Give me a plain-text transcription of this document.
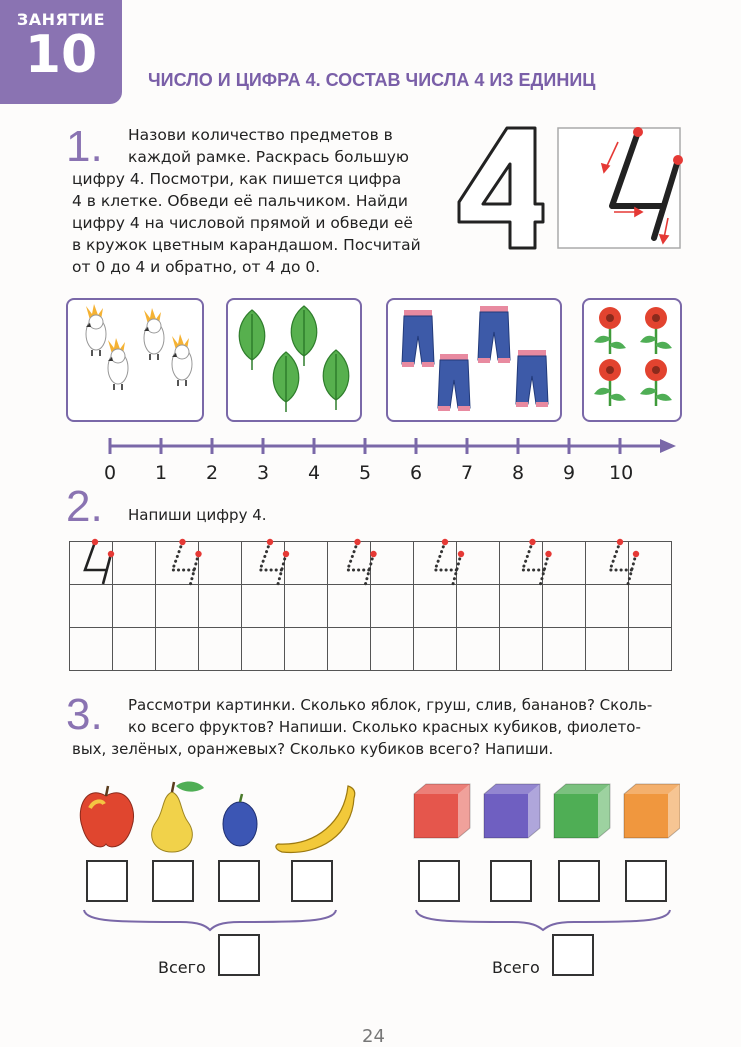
ЗАНЯТИЕ
10	ЧИСЛО И ЦИФРА 4. СОСТАВ ЧИСЛА 4 ИЗ ЕДИНИЦ
1. Назови количество предметов в
каждой рамке. Раскрась большую
цифру 4. Посмотри, как пишется цифра
4 в клетке. Обведи её пальчиком. Найди
цифру 4 на числовой прямой и обведи её
в кружок цветным карандашом. Посчитай
от 0 до 4 и обратно, от 4 до 0.
0 1 2 3 4 5 6 7 8 9 10
2. Напиши цифру 4.

3. Рассмотри картинки. Сколько яблок, груш, слив, бананов? Сколь-
ко всего фруктов? Напиши. Сколько красных кубиков, фиолето-
вых, зелёных, оранжевых? Сколько кубиков всего? Напиши.
Всего	Всего
24
